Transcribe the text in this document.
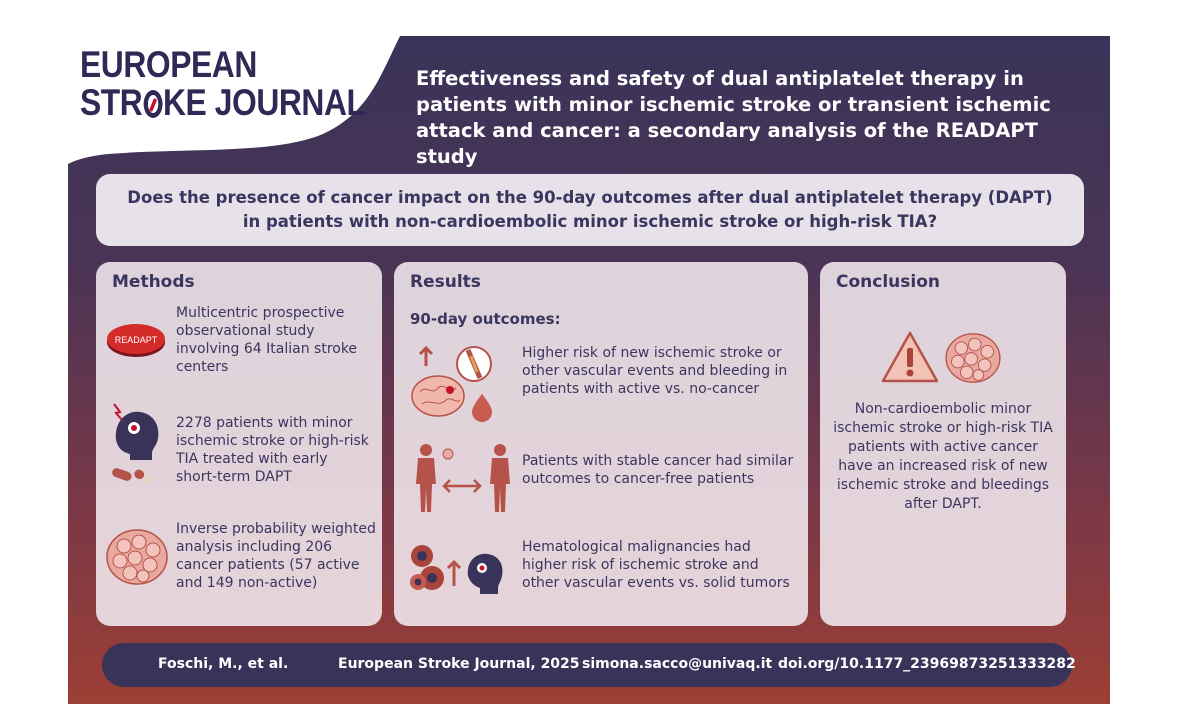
EUROPEAN
STR KE JOURNAL
Effectiveness and safety of dual antiplatelet therapy in patients with minor ischemic stroke or transient ischemic attack and cancer: a secondary analysis of the READAPT study
Does the presence of cancer impact on the 90-day outcomes after dual antiplatelet therapy (DAPT) in patients with non-cardioembolic minor ischemic stroke or high-risk TIA?
Methods
READAPT
Multicentric prospective observational study involving 64 Italian stroke centers
2278 patients with minor ischemic stroke or high-risk TIA treated with early short-term DAPT
Inverse probability weighted analysis including 206 cancer patients (57 active and 149 non-active)
Results
90-day outcomes:
Higher risk of new ischemic stroke or other vascular events and bleeding in patients with active vs. no-cancer
Patients with stable cancer had similar outcomes to cancer-free patients
Hematological malignancies had higher risk of ischemic stroke and other vascular events vs. solid tumors
Conclusion
Non-cardioembolic minor ischemic stroke or high-risk TIA patients with active cancer have an increased risk of new ischemic stroke and bleedings after DAPT.
Foschi, M., et al.	European Stroke Journal, 2025 simona.sacco@univaq.it doi.org/10.1177_23969873251333282
